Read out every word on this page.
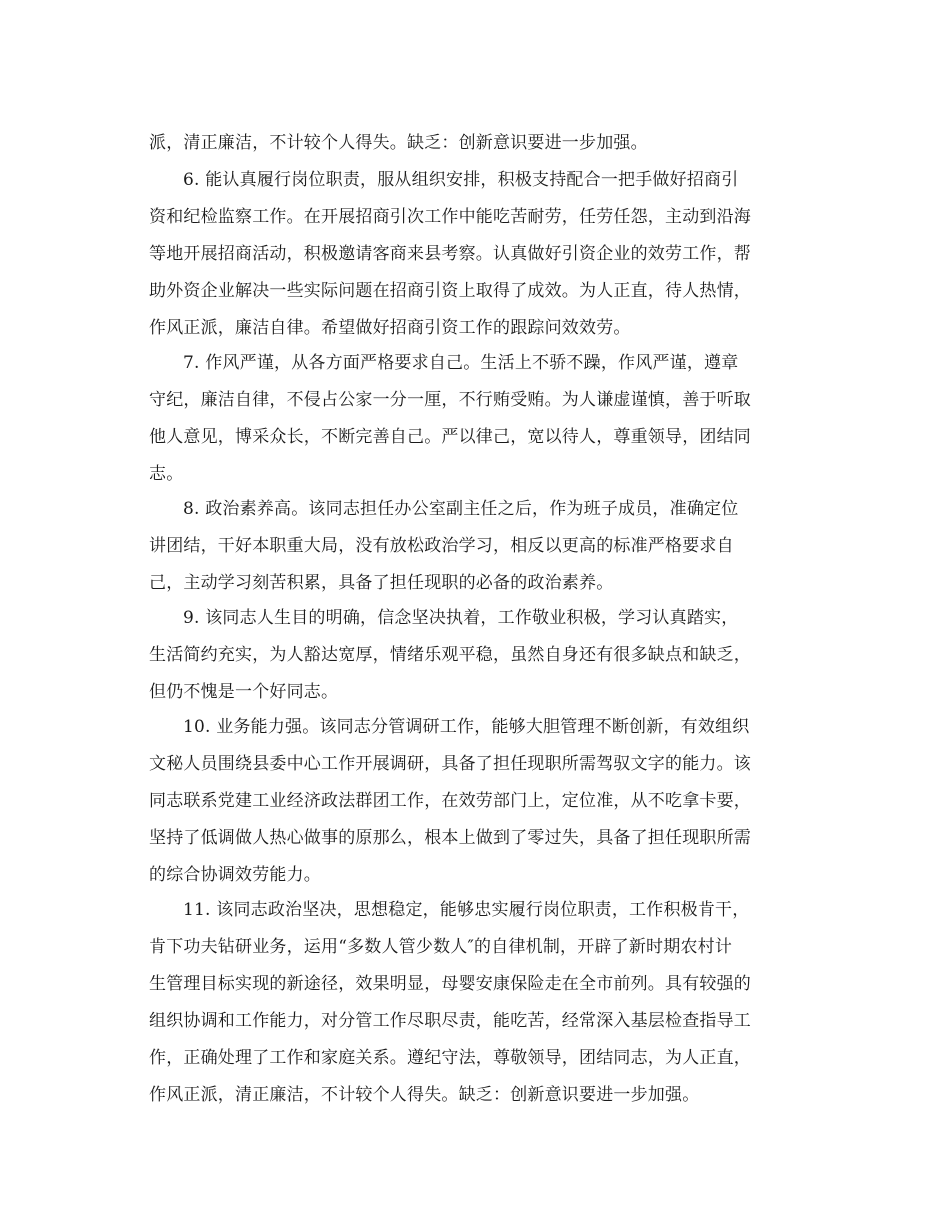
派，清正廉洁，不计较个人得失。缺乏：创新意识要进一步加强。
6. 能认真履行岗位职责，服从组织安排，积极支持配合一把手做好招商引
资和纪检监察工作。在开展招商引次工作中能吃苦耐劳，任劳任怨，主动到沿海
等地开展招商活动，积极邀请客商来县考察。认真做好引资企业的效劳工作，帮
助外资企业解决一些实际问题在招商引资上取得了成效。为人正直，待人热情，
作风正派，廉洁自律。希望做好招商引资工作的跟踪问效效劳。
7. 作风严谨，从各方面严格要求自己。生活上不骄不躁，作风严谨，遵章
守纪，廉洁自律，不侵占公家一分一厘，不行贿受贿。为人谦虚谨慎，善于听取
他人意见，博采众长，不断完善自己。严以律己，宽以待人，尊重领导，团结同
志。
8. 政治素养高。该同志担任办公室副主任之后，作为班子成员，准确定位
讲团结，干好本职重大局，没有放松政治学习，相反以更高的标准严格要求自
己，主动学习刻苦积累，具备了担任现职的必备的政治素养。
9. 该同志人生目的明确，信念坚决执着，工作敬业积极，学习认真踏实，
生活简约充实，为人豁达宽厚，情绪乐观平稳，虽然自身还有很多缺点和缺乏，
但仍不愧是一个好同志。
10. 业务能力强。该同志分管调研工作，能够大胆管理不断创新，有效组织
文秘人员围绕县委中心工作开展调研，具备了担任现职所需驾驭文字的能力。该
同志联系党建工业经济政法群团工作，在效劳部门上，定位准，从不吃拿卡要，
坚持了低调做人热心做事的原那么，根本上做到了零过失，具备了担任现职所需
的综合协调效劳能力。
11. 该同志政治坚决，思想稳定，能够忠实履行岗位职责，工作积极肯干，
肯下功夫钻研业务，运用“多数人管少数人″的自律机制，开辟了新时期农村计
生管理目标实现的新途径，效果明显，母婴安康保险走在全市前列。具有较强的
组织协调和工作能力，对分管工作尽职尽责，能吃苦，经常深入基层检查指导工
作，正确处理了工作和家庭关系。遵纪守法，尊敬领导，团结同志，为人正直，
作风正派，清正廉洁，不计较个人得失。缺乏：创新意识要进一步加强。
